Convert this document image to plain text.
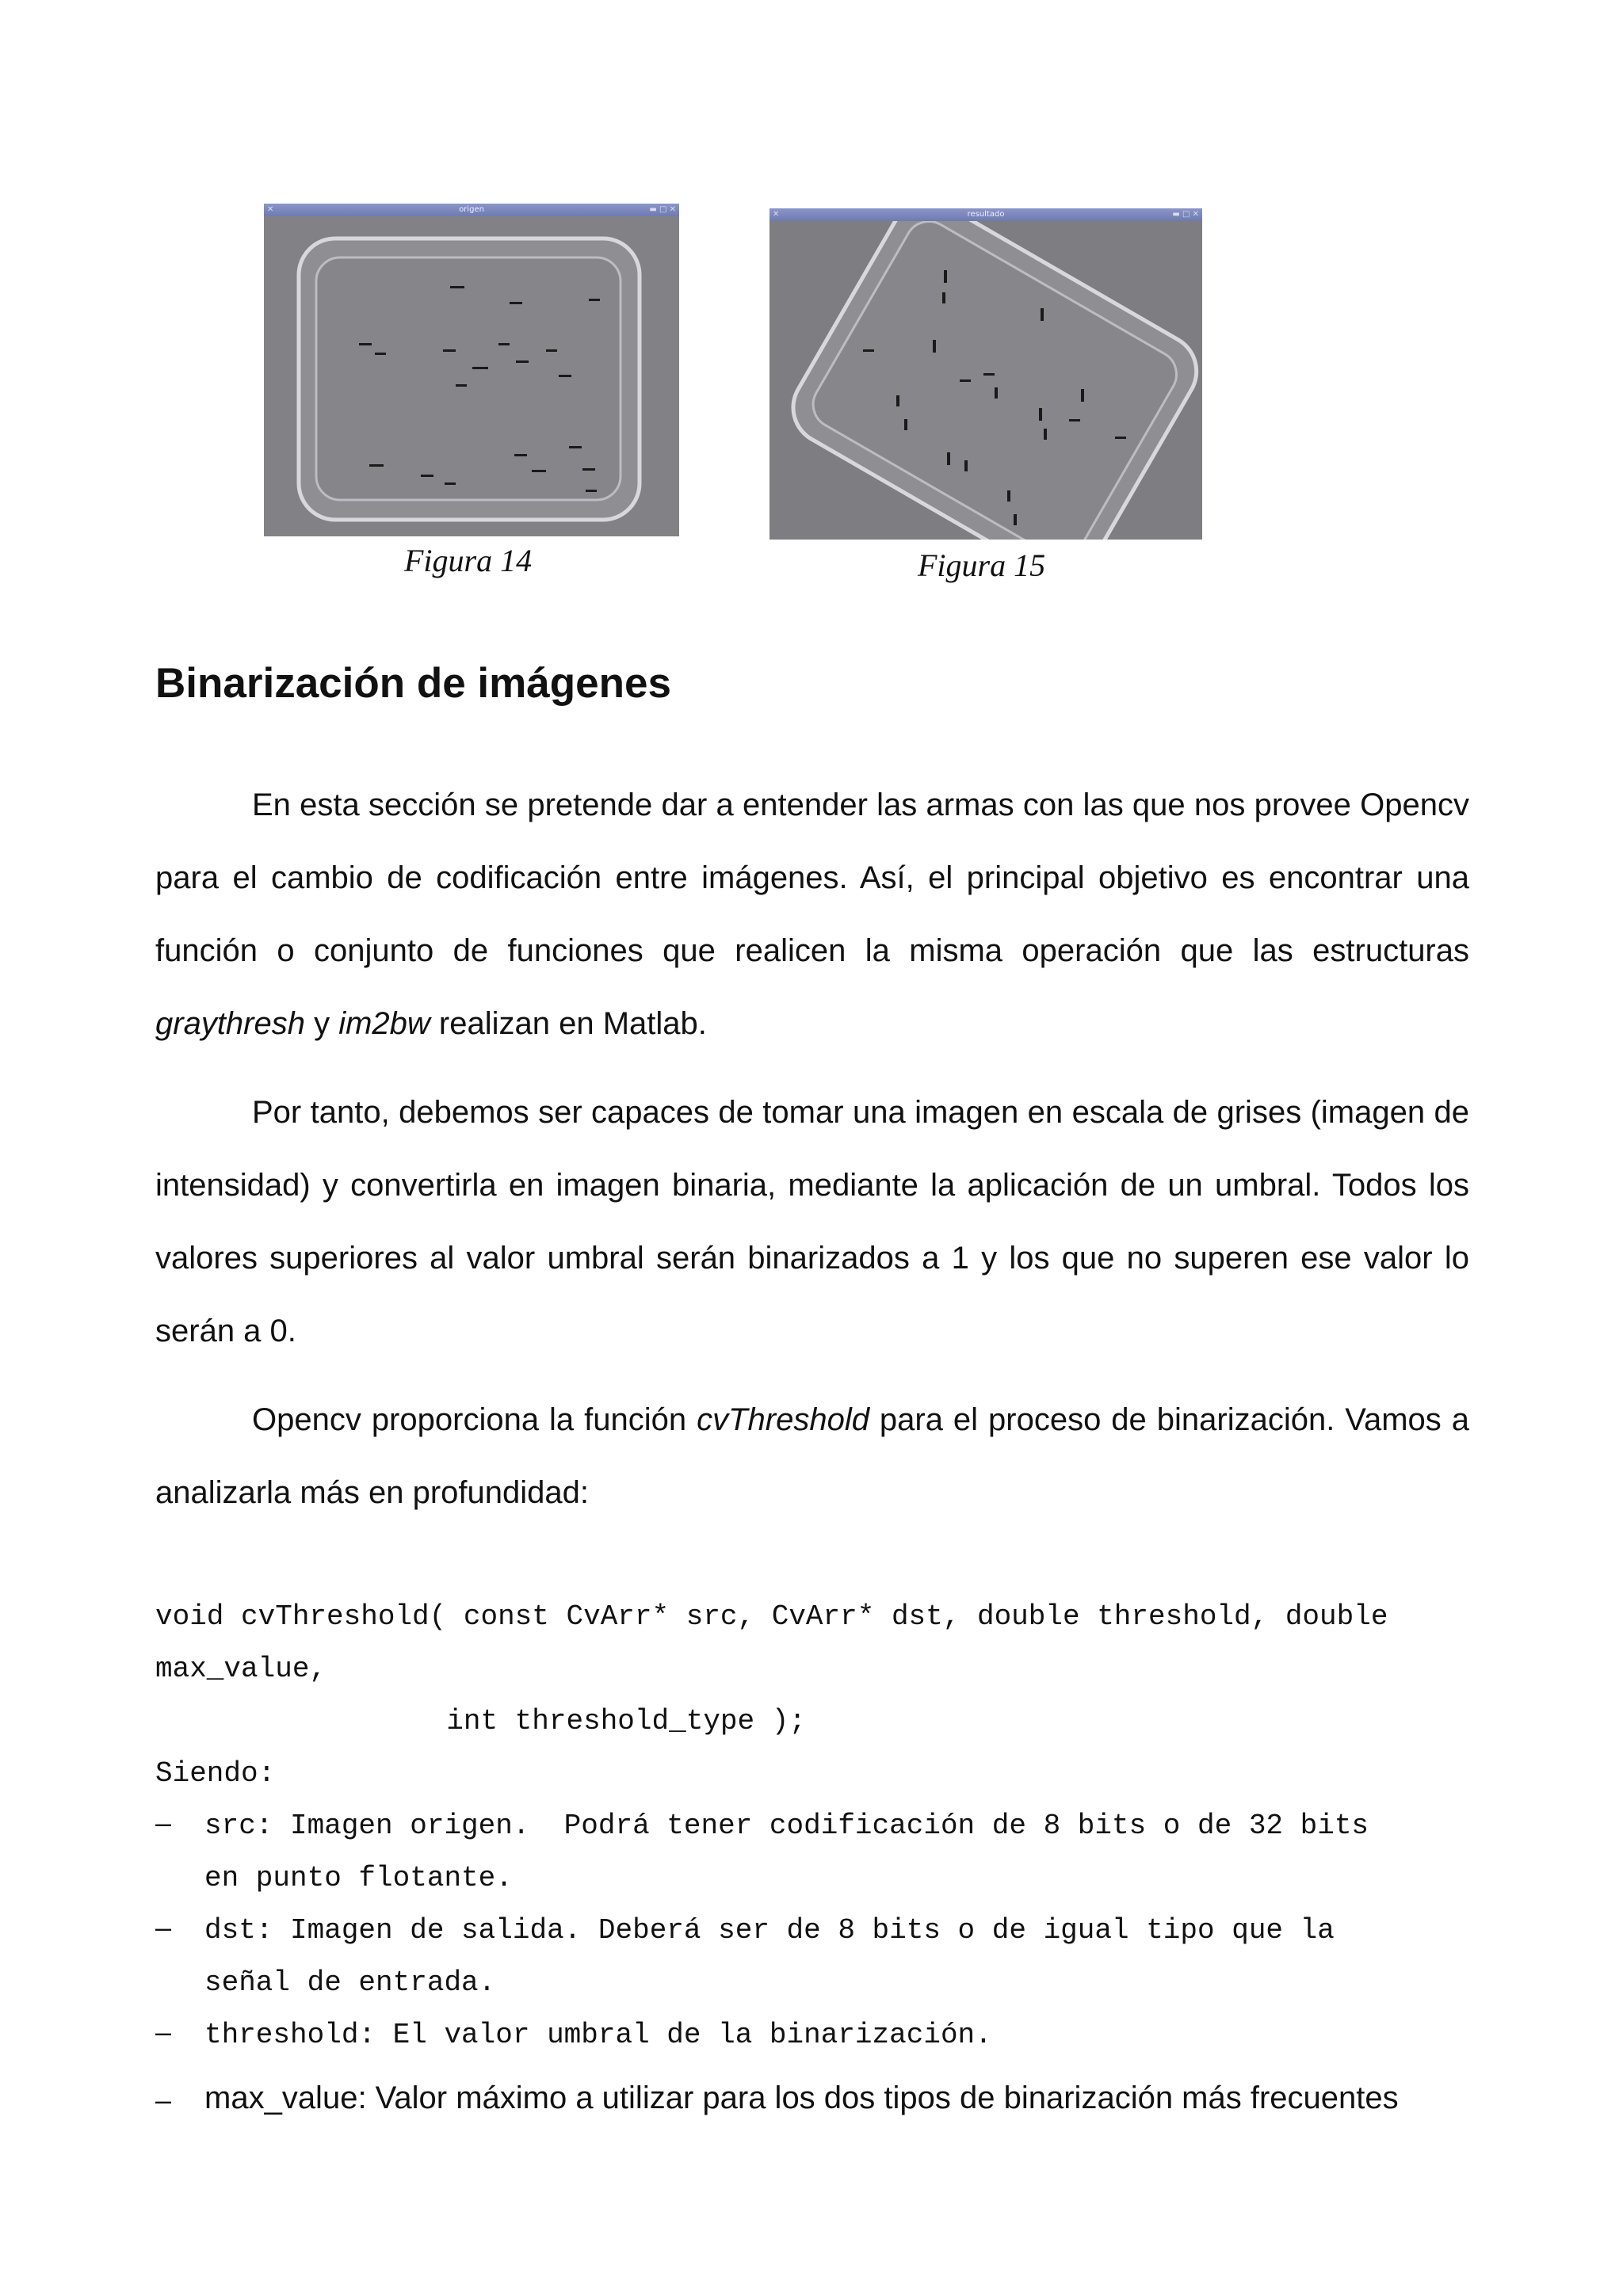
✕	origen	▬ □ ✕
✕	resultado	▬ □ ✕
Figura 14	Figura 15
Binarización de imágenes

En esta sección se pretende dar a entender las armas con las que nos provee Opencv para el cambio de codificación entre imágenes. Así, el principal objetivo es encontrar una función o conjunto de funciones que realicen la misma operación que las estructuras graythresh y im2bw realizan en Matlab.

Por tanto, debemos ser capaces de tomar una imagen en escala de grises (imagen de intensidad) y convertirla en imagen binaria, mediante la aplicación de un umbral. Todos los valores superiores al valor umbral serán binarizados a 1 y los que no superen ese valor lo serán a 0.

Opencv proporciona la función cvThreshold para el proceso de binarización. Vamos a analizarla más en profundidad:

void cvThreshold( const CvArr* src, CvArr* dst, double threshold, double
max_value,
int threshold_type );
Siendo:
– src: Imagen origen.  Podrá tener codificación de 8 bits o de 32 bits
en punto flotante.
– dst: Imagen de salida. Deberá ser de 8 bits o de igual tipo que la
señal de entrada.
– threshold: El valor umbral de la binarización.
– max_value: Valor máximo a utilizar para los dos tipos de binarización más frecuentes
